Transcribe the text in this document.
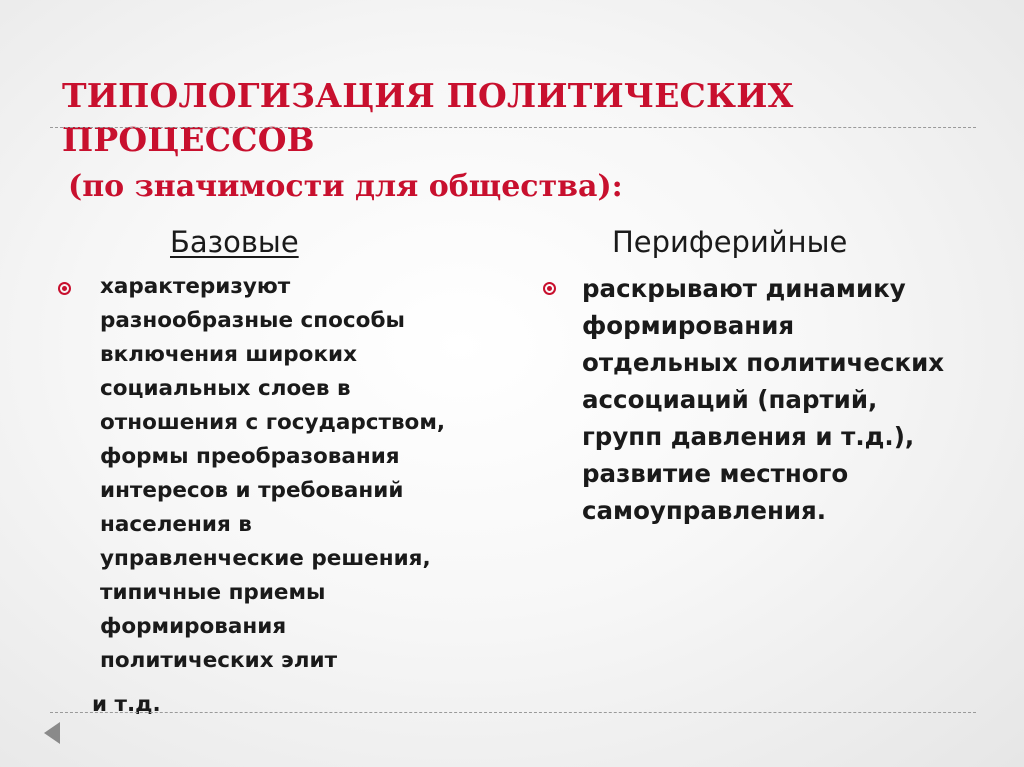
ТИПОЛОГИЗАЦИЯ ПОЛИТИЧЕСКИХ
ПРОЦЕССОВ

(по значимости для общества):

Базовые	Периферийные
характеризуют
разнообразные способы
включения широких
социальных слоев в
отношения с государством,
формы преобразования
интересов и требований
населения в
управленческие решения,
типичные приемы
формирования
политических элит
и т.д.
раскрывают динамику
формирования
отдельных политических
ассоциаций (партий,
групп давления и т.д.),
развитие местного
самоуправления.
